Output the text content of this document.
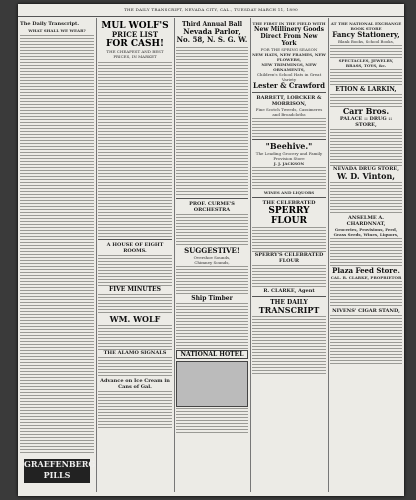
THE DAILY TRANSCRIPT, NEVADA CITY, CAL., TUESDAY MARCH 11, 1890
The Daily Transcript.
WHAT SHALL WE WEAR?	MUL WOLF'S
PRICE LIST
FOR CASH!
THE CHEAPEST AND BEST
PRICES, IN MARKET
A HOUSE OF EIGHT ROOMS.
FIVE MINUTES
WM. WOLF
THE ALAMO SIGNALS
Advance on Ice Cream in Cans of Gal.
Third Annual Ball
Nevada Parlor, No. 58, N. S. G. W.
PROF. CURME'S ORCHESTRA
SUGGESTIVE!
Overshoe Sounds,
Chimney Sounds,
Ship Timber
NATIONAL HOTEL
THE FIRST IN THE FIELD WITH
New Millinery Goods Direct From New York
FOR THE SPRING SEASON
NEW HATS, NEW FRAMES, NEW FLOWERS,
NEW TRIMMINGS, NEW ORNAMENTS,
Children's School Hats in Great Variety
Lester & Crawford
BARRETT, LOBCKER & MORRISON,
Fine Scotch Tweeds, Cassimeres and Broadcloths
"Beehive."
The Leading Grocery and Family Provision Store
J. J. JACKSON
WINES AND LIQUORS
THE CELEBRATED
SPERRY FLOUR
SPERRY'S CELEBRATED FLOUR
R. CLARKE, Agent
THE DAILY
TRANSCRIPT
AT THE NATIONAL EXCHANGE BOOK STORE
Fancy Stationery,
Blank Books, School Books,
SPECTACLES, JEWELRY, BRASS, TOYS, &c.
ETION & LARKIN,
Carr Bros.
PALACE :: DRUG :: STORE,
NEVADA DRUG STORE,
W. D. Vinton,
ANSELME A. CHARDNNAT,
Groceries, Provisions, Feed, Grass Seeds, Wines, Liquors,
Plaza Feed Store.
CAL. R. CLARKE, PROPRIETOR
NIVENS' CIGAR STAND,
GRAEFENBERG PILLS
